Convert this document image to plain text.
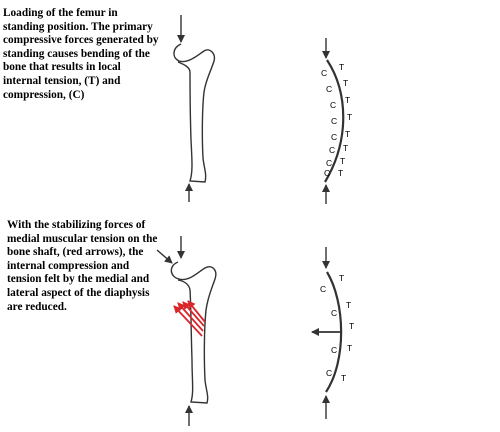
Loading of the femur in standing position. The primary compressive forces generated by standing causes bending of the bone that results in local internal tension, (T) and compression, (C)
With the stabilizing forces of medial muscular tension on the bone shaft, (red arrows), the internal compression and tension felt by the medial and lateral aspect of the diaphysis are reduced.
C
C
C
C
C
C
C
C
T
T
T
T
T
T
T
T
C
C
C
C
T
T
T
T
T
